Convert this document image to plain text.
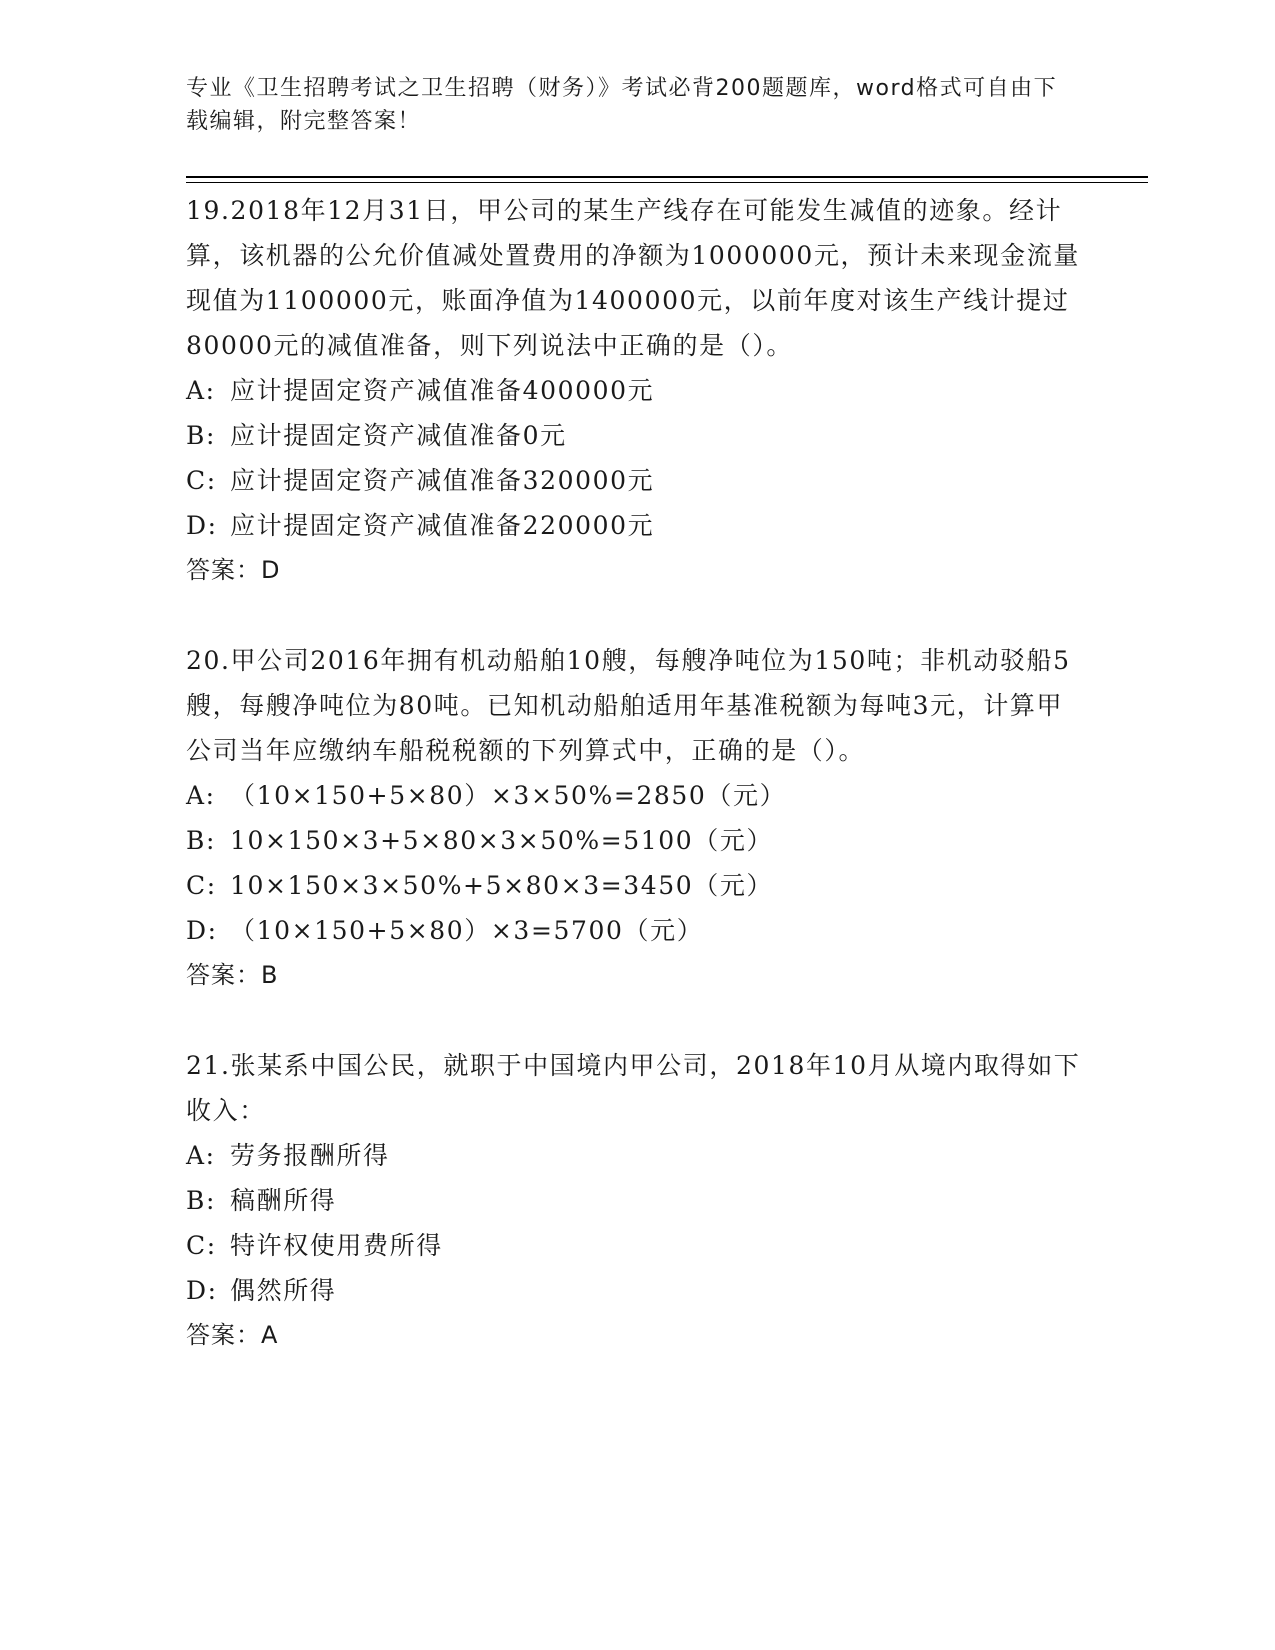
专业《卫生招聘考试之卫生招聘（财务）》考试必背200题题库，word格式可自由下载编辑，附完整答案！
19.2018年12月31日，甲公司的某生产线存在可能发生减值的迹象。经计算，该机器的公允价值减处置费用的净额为1000000元，预计未来现金流量现值为1100000元，账面净值为1400000元，以前年度对该生产线计提过80000元的减值准备，则下列说法中正确的是（）。
A: 应计提固定资产减值准备400000元
B: 应计提固定资产减值准备0元
C: 应计提固定资产减值准备320000元
D: 应计提固定资产减值准备220000元
答案：D
20.甲公司2016年拥有机动船舶10艘，每艘净吨位为150吨；非机动驳船5艘，每艘净吨位为80吨。已知机动船舶适用年基准税额为每吨3元，计算甲公司当年应缴纳车船税税额的下列算式中，正确的是（）。
A: （10×150+5×80）×3×50%=2850（元）
B: 10×150×3+5×80×3×50%=5100（元）
C: 10×150×3×50%+5×80×3=3450（元）
D: （10×150+5×80）×3=5700（元）
答案：B
21.张某系中国公民，就职于中国境内甲公司，2018年10月从境内取得如下收入：
A: 劳务报酬所得
B: 稿酬所得
C: 特许权使用费所得
D: 偶然所得
答案：A
